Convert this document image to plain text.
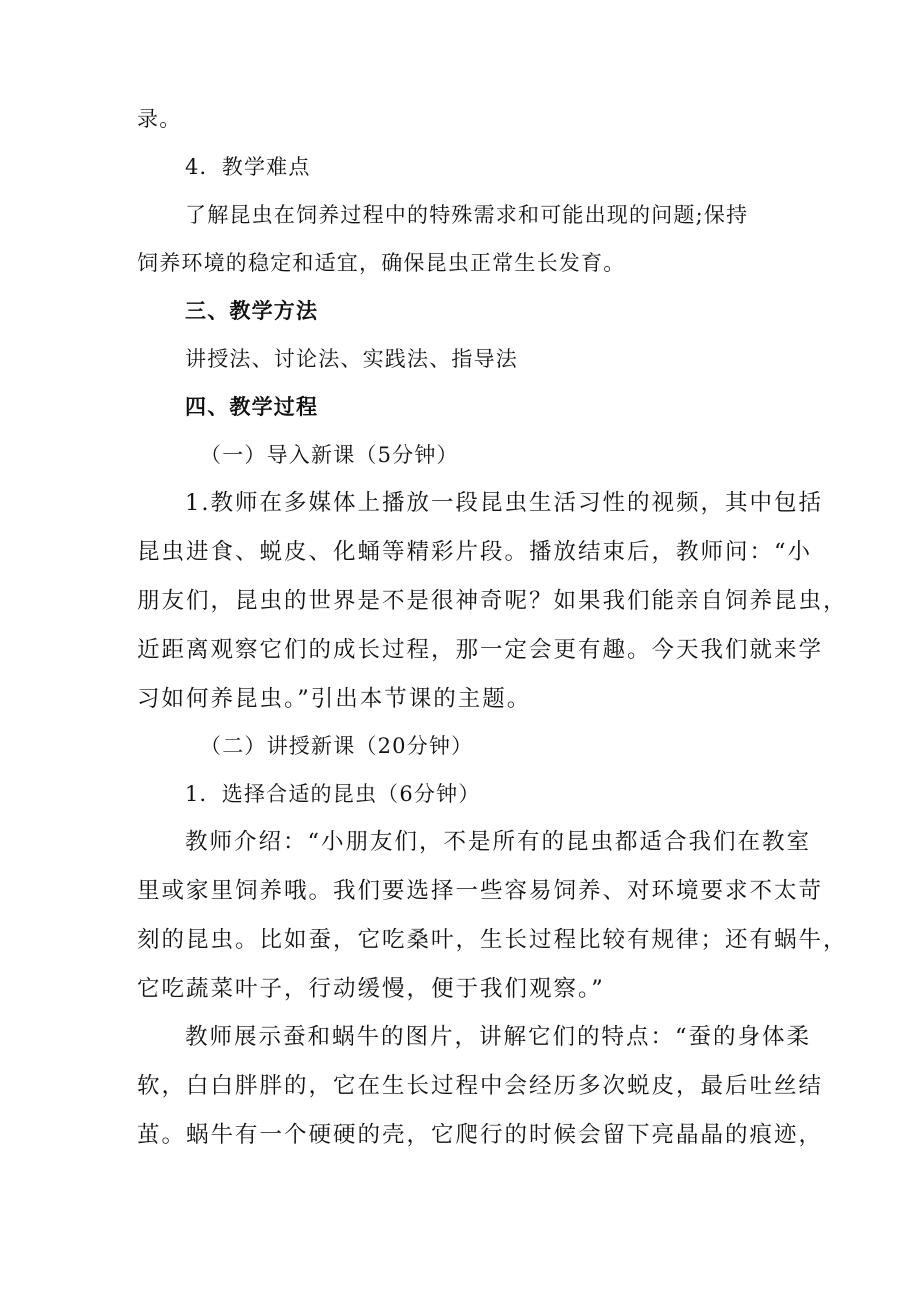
录。
4．教学难点
了解昆虫在饲养过程中的特殊需求和可能出现的问题;保持
饲养环境的稳定和适宜，确保昆虫正常生长发育。
三、教学方法
讲授法、讨论法、实践法、指导法
四、教学过程
（一）导入新课（5分钟）
1.教师在多媒体上播放一段昆虫生活习性的视频，其中包括
昆虫进食、蜕皮、化蛹等精彩片段。播放结束后，教师问：“小
朋友们，昆虫的世界是不是很神奇呢？如果我们能亲自饲养昆虫，
近距离观察它们的成长过程，那一定会更有趣。今天我们就来学
习如何养昆虫。”引出本节课的主题。
（二）讲授新课（20分钟）
1．选择合适的昆虫（6分钟）
教师介绍：“小朋友们，不是所有的昆虫都适合我们在教室
里或家里饲养哦。我们要选择一些容易饲养、对环境要求不太苛
刻的昆虫。比如蚕，它吃桑叶，生长过程比较有规律；还有蜗牛，
它吃蔬菜叶子，行动缓慢，便于我们观察。”
教师展示蚕和蜗牛的图片，讲解它们的特点：“蚕的身体柔
软，白白胖胖的，它在生长过程中会经历多次蜕皮，最后吐丝结
茧。蜗牛有一个硬硬的壳，它爬行的时候会留下亮晶晶的痕迹，
